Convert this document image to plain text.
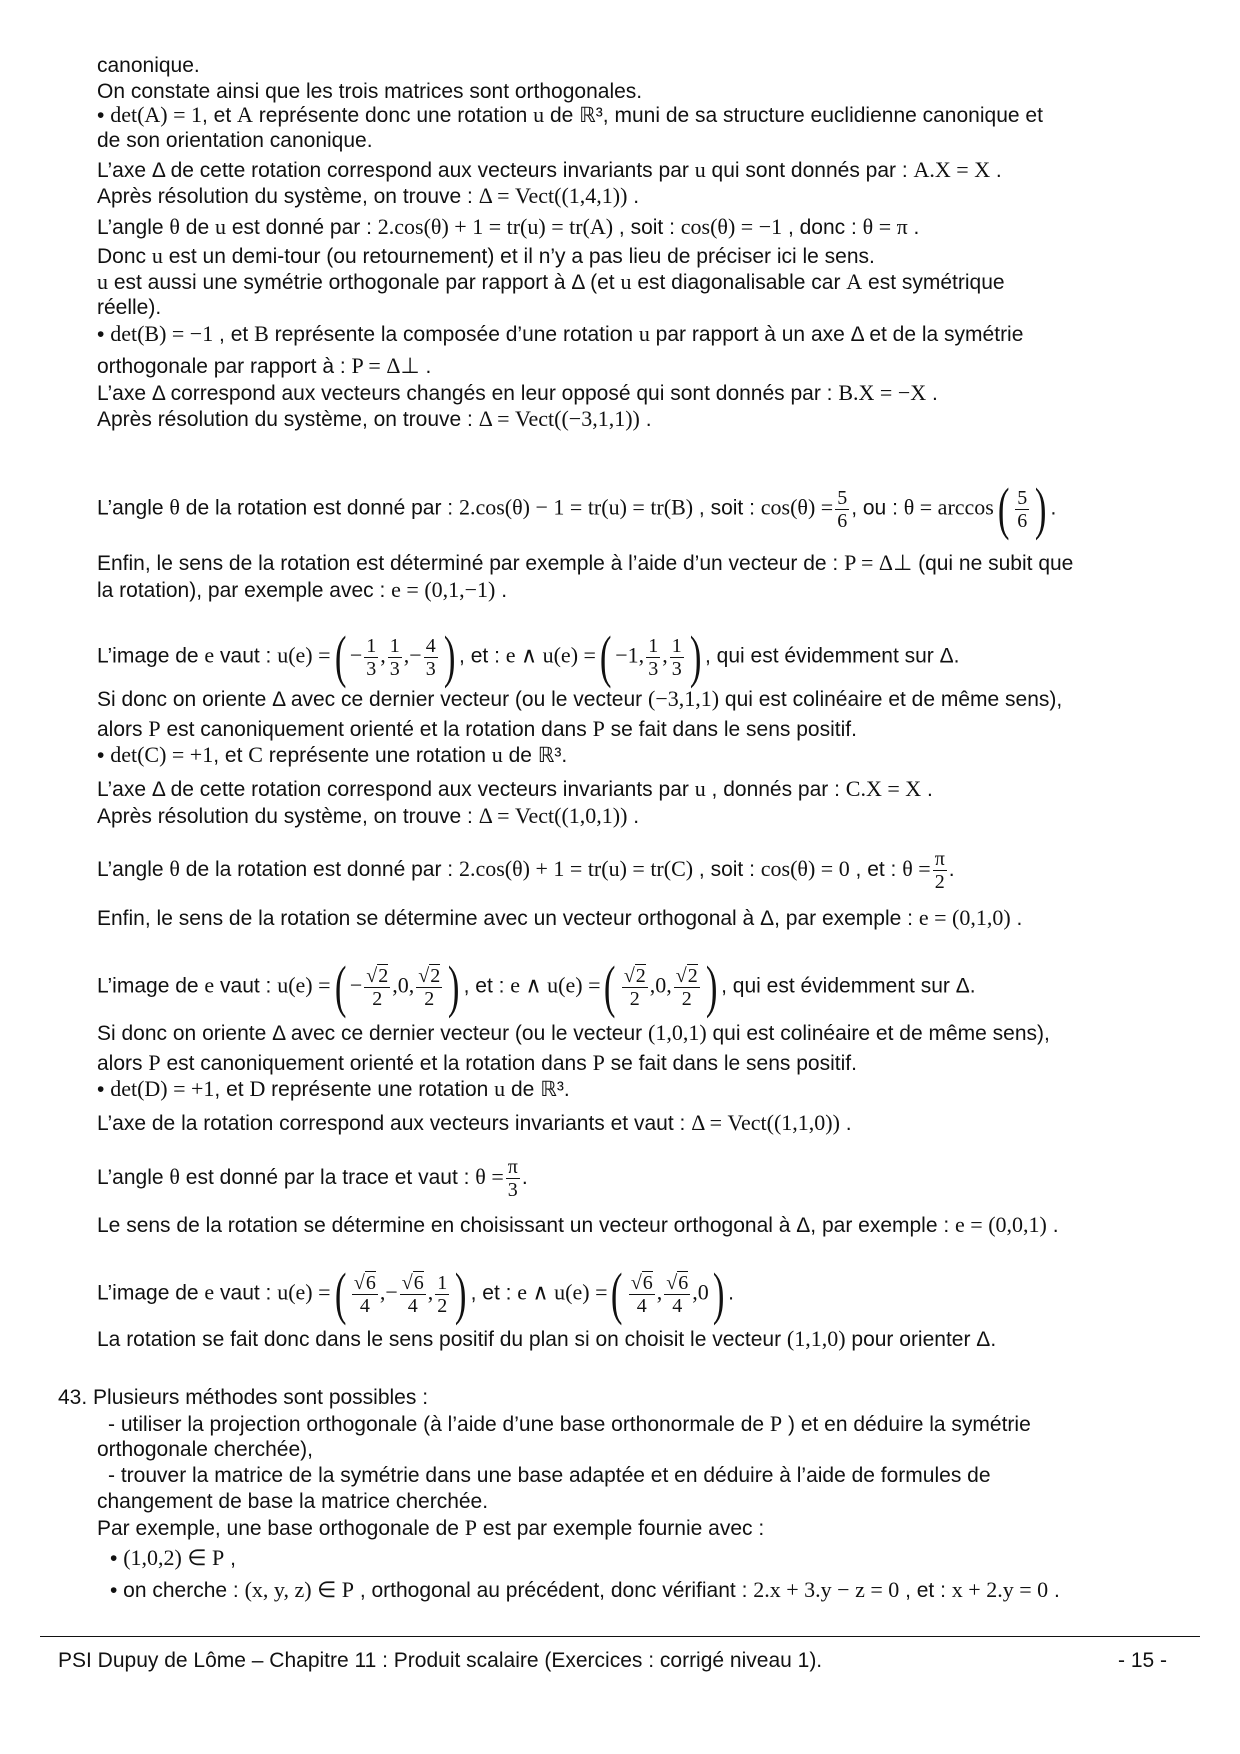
canonique.
On constate ainsi que les trois matrices sont orthogonales.
• det(A) = 1, et A représente donc une rotation u de ℝ³, muni de sa structure euclidienne canonique et
de son orientation canonique.
L’axe Δ de cette rotation correspond aux vecteurs invariants par u qui sont donnés par : A.X = X .
Après résolution du système, on trouve : Δ = Vect((1,4,1)) .
L’angle θ de u est donné par : 2.cos(θ) + 1 = tr(u) = tr(A) , soit : cos(θ) = −1 , donc : θ = π .
Donc u est un demi-tour (ou retournement) et il n’y a pas lieu de préciser ici le sens.
u est aussi une symétrie orthogonale par rapport à Δ (et u est diagonalisable car A est symétrique
réelle).
• det(B) = −1 , et B représente la composée d’une rotation u par rapport à un axe Δ et de la symétrie
orthogonale par rapport à : P = Δ⊥ .
L’axe Δ correspond aux vecteurs changés en leur opposé qui sont donnés par : B.X = −X .
Après résolution du système, on trouve : Δ = Vect((−3,1,1)) .
L’angle θ de la rotation est donné par : 2.cos(θ) − 1 = tr(u) = tr(B) , soit : $\cos(\theta) = \frac{5}{6}$ , ou : $\theta = \arccos( \frac{5}{6}$ ) .
Enfin, le sens de la rotation est déterminé par exemple à l’aide d’un vecteur de : P = Δ⊥ (qui ne subit que
la rotation), par exemple avec : e = (0,1,−1) .
L’image de e vaut : u(e) =( − $\frac{1}{3}$ , $\frac{1}{3}$ ,− $\frac{4}{3}$ ) , et : e ∧ u(e) =( −1, $\frac{1}{3}$ , $\frac{1}{3}$ ) , qui est évidemment sur Δ.
Si donc on oriente Δ avec ce dernier vecteur (ou le vecteur (−3,1,1) qui est colinéaire et de même sens),
alors P est canoniquement orienté et la rotation dans P se fait dans le sens positif.
• det(C) = +1, et C représente une rotation u de ℝ³.
L’axe Δ de cette rotation correspond aux vecteurs invariants par u , donnés par : C.X = X .
Après résolution du système, on trouve : Δ = Vect((1,0,1)) .
L’angle θ de la rotation est donné par : 2.cos(θ) + 1 = tr(u) = tr(C) , soit : cos(θ) = 0 , et : $\theta = \frac{\pi}{2}$ .
Enfin, le sens de la rotation se détermine avec un vecteur orthogonal à Δ, par exemple : e = (0,1,0) .
L’image de e vaut : u(e) =( − $\frac{√2}{2} ,0$, $\frac{√2}{2}$ ) , et : e ∧ u(e) =( $\frac{√2}{2} ,0$, $\frac{√2}{2}$ ) , qui est évidemment sur Δ.
Si donc on oriente Δ avec ce dernier vecteur (ou le vecteur (1,0,1) qui est colinéaire et de même sens),
alors P est canoniquement orienté et la rotation dans P se fait dans le sens positif.
• det(D) = +1, et D représente une rotation u de ℝ³.
L’axe de la rotation correspond aux vecteurs invariants et vaut : Δ = Vect((1,1,0)) .
L’angle θ est donné par la trace et vaut : $\theta = \frac{\pi}{3}$ .
Le sens de la rotation se détermine en choisissant un vecteur orthogonal à Δ, par exemple : e = (0,0,1) .
L’image de e vaut : u(e) =( $\frac{√6}{4}$ ,− $\frac{√6}{4}$ , $\frac{1}{2}$ ) , et : e ∧ u(e) =( $\frac{√6}{4}$ , $\frac{√6}{4} ,0$) .
La rotation se fait donc dans le sens positif du plan si on choisit le vecteur (1,1,0) pour orienter Δ.
43. Plusieurs méthodes sont possibles :
- utiliser la projection orthogonale (à l’aide d’une base orthonormale de P ) et en déduire la symétrie
orthogonale cherchée),
- trouver la matrice de la symétrie dans une base adaptée et en déduire à l’aide de formules de
changement de base la matrice cherchée.
Par exemple, une base orthogonale de P est par exemple fournie avec :
• (1,0,2) ∈ P ,
• on cherche : (x, y, z) ∈ P , orthogonal au précédent, donc vérifiant : 2.x + 3.y − z = 0 , et : x + 2.y = 0 .
PSI Dupuy de Lôme – Chapitre 11 : Produit scalaire (Exercices : corrigé niveau 1).	- 15 -
